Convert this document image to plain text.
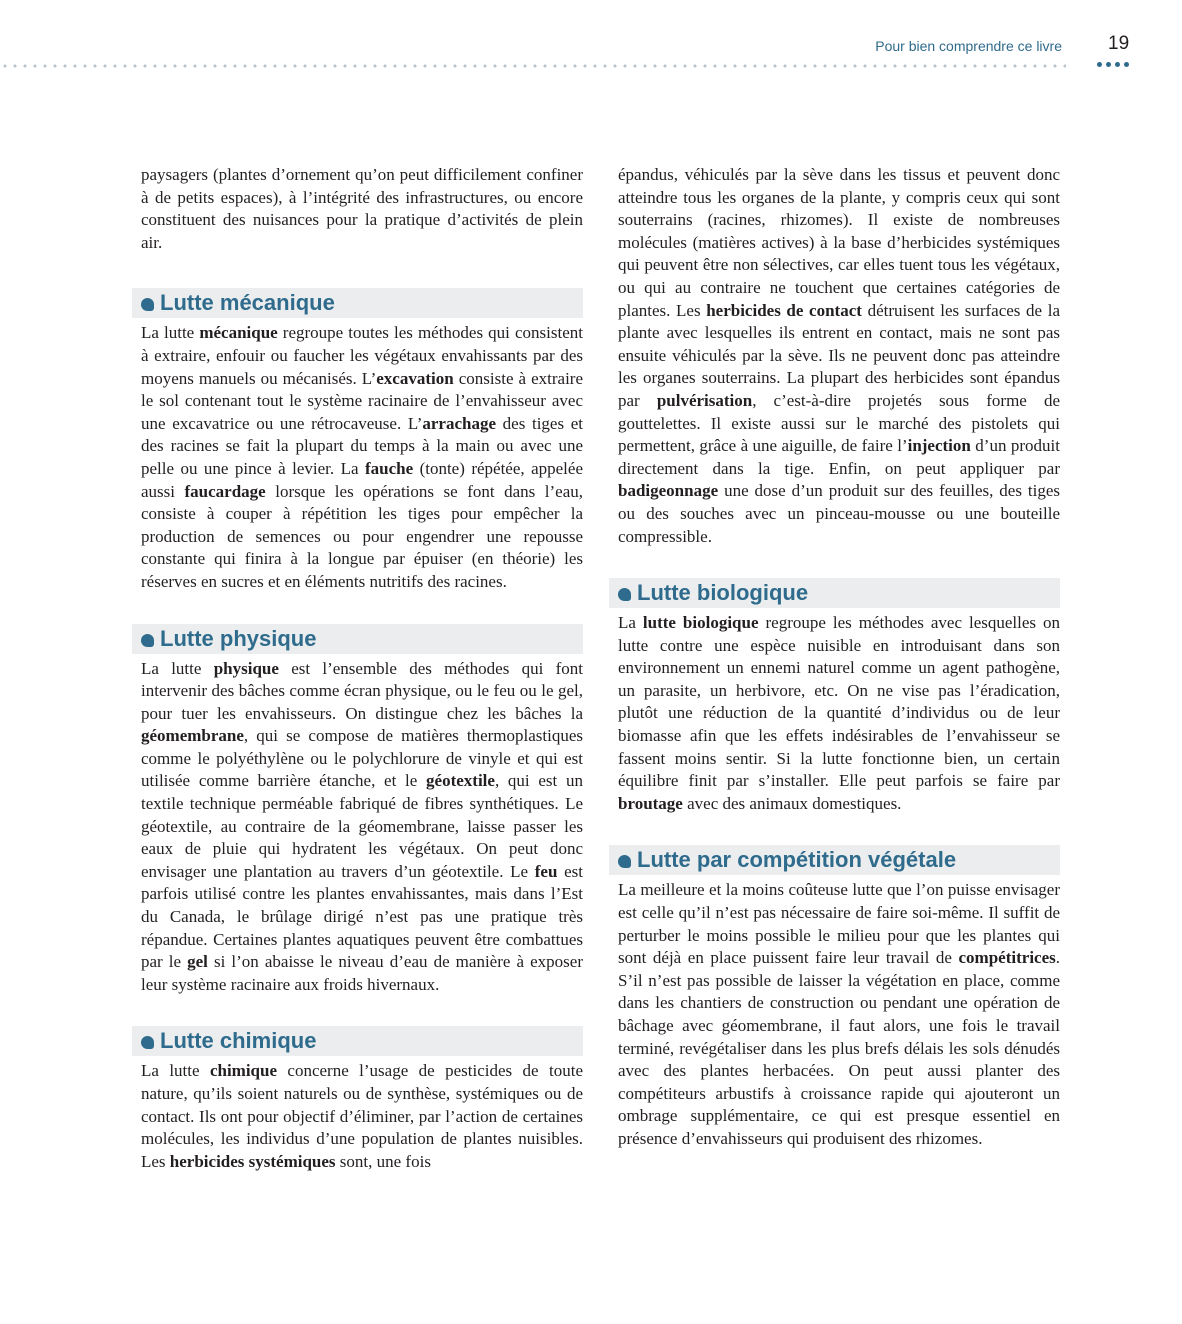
Pour bien comprendre ce livre 19

paysagers (plantes d’ornement qu’on peut difficilement confiner à de petits espaces), à l’intégrité des infrastructures, ou encore constituent des nuisances pour la pratique d’activités de plein air.

Lutte mécanique

La lutte mécanique regroupe toutes les méthodes qui consistent à extraire, enfouir ou faucher les végétaux envahissants par des moyens manuels ou mécanisés. L’excavation consiste à extraire le sol contenant tout le système racinaire de l’envahisseur avec une excavatrice ou une rétrocaveuse. L’arrachage des tiges et des racines se fait la plupart du temps à la main ou avec une pelle ou une pince à levier. La fauche (tonte) répétée, appelée aussi faucardage lorsque les opérations se font dans l’eau, consiste à couper à répétition les tiges pour empêcher la production de semences ou pour engendrer une repousse constante qui finira à la longue par épuiser (en théorie) les réserves en sucres et en éléments nutritifs des racines.

Lutte physique

La lutte physique est l’ensemble des méthodes qui font intervenir des bâches comme écran physique, ou le feu ou le gel, pour tuer les envahisseurs. On distingue chez les bâches la géomembrane, qui se compose de matières thermoplastiques comme le polyéthylène ou le polychlorure de vinyle et qui est utilisée comme barrière étanche, et le géotextile, qui est un textile technique perméable fabriqué de fibres synthétiques. Le géotextile, au contraire de la géomembrane, laisse passer les eaux de pluie qui hydratent les végétaux. On peut donc envisager une plantation au travers d’un géotextile. Le feu est parfois utilisé contre les plantes envahissantes, mais dans l’Est du Canada, le brûlage dirigé n’est pas une pratique très répandue. Certaines plantes aquatiques peuvent être combattues par le gel si l’on abaisse le niveau d’eau de manière à exposer leur système racinaire aux froids hivernaux.

Lutte chimique

La lutte chimique concerne l’usage de pesticides de toute nature, qu’ils soient naturels ou de synthèse, systémiques ou de contact. Ils ont pour objectif d’éliminer, par l’action de certaines molécules, les individus d’une population de plantes nuisibles. Les herbicides systémiques sont, une fois

épandus, véhiculés par la sève dans les tissus et peuvent donc atteindre tous les organes de la plante, y compris ceux qui sont souterrains (racines, rhizomes). Il existe de nombreuses molécules (matières actives) à la base d’herbicides systémiques qui peuvent être non sélectives, car elles tuent tous les végétaux, ou qui au contraire ne touchent que certaines catégories de plantes. Les herbicides de contact détruisent les surfaces de la plante avec lesquelles ils entrent en contact, mais ne sont pas ensuite véhiculés par la sève. Ils ne peuvent donc pas atteindre les organes souterrains. La plupart des herbicides sont épandus par pulvérisation, c’est-à-dire projetés sous forme de gouttelettes. Il existe aussi sur le marché des pistolets qui permettent, grâce à une aiguille, de faire l’injection d’un produit directement dans la tige. Enfin, on peut appliquer par badigeonnage une dose d’un produit sur des feuilles, des tiges ou des souches avec un pinceau-mousse ou une bouteille compressible.

Lutte biologique

La lutte biologique regroupe les méthodes avec lesquelles on lutte contre une espèce nuisible en introduisant dans son environnement un ennemi naturel comme un agent pathogène, un parasite, un herbivore, etc. On ne vise pas l’éradication, plutôt une réduction de la quantité d’individus ou de leur biomasse afin que les effets indésirables de l’envahisseur se fassent moins sentir. Si la lutte fonctionne bien, un certain équilibre finit par s’installer. Elle peut parfois se faire par broutage avec des animaux domestiques.

Lutte par compétition végétale

La meilleure et la moins coûteuse lutte que l’on puisse envisager est celle qu’il n’est pas nécessaire de faire soi-même. Il suffit de perturber le moins possible le milieu pour que les plantes qui sont déjà en place puissent faire leur travail de compétitrices. S’il n’est pas possible de laisser la végétation en place, comme dans les chantiers de construction ou pendant une opération de bâchage avec géomembrane, il faut alors, une fois le travail terminé, revégétaliser dans les plus brefs délais les sols dénudés avec des plantes herbacées. On peut aussi planter des compétiteurs arbustifs à croissance rapide qui ajouteront un ombrage supplémentaire, ce qui est presque essentiel en présence d’envahisseurs qui produisent des rhizomes.
